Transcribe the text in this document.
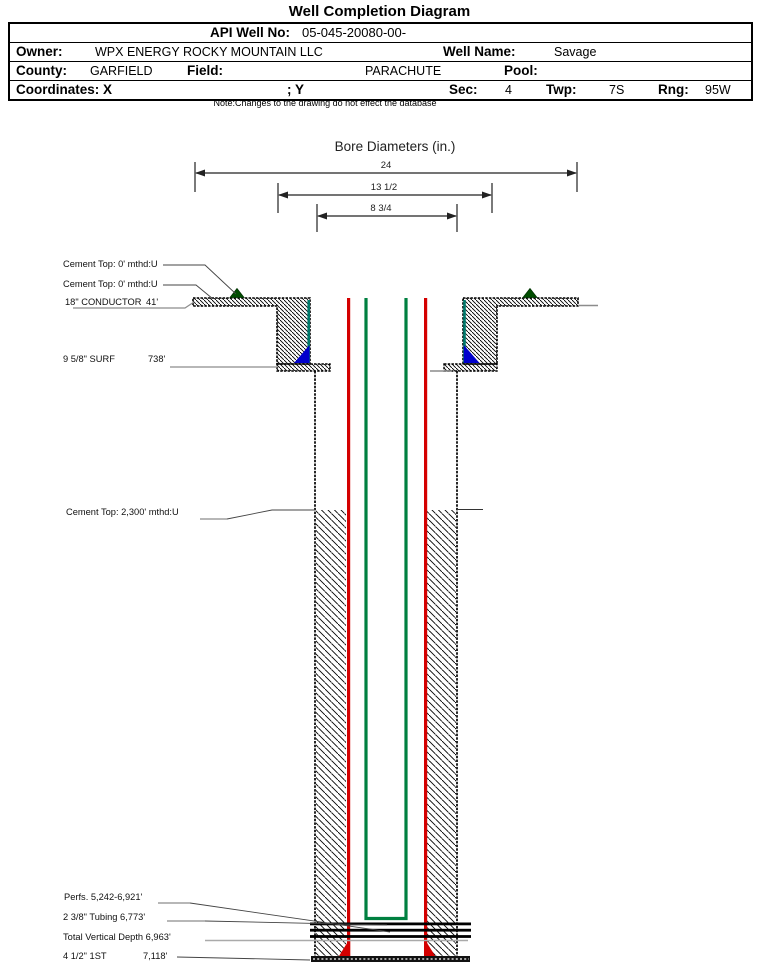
Well Completion Diagram
API Well No: 05-045-20080-00-
Owner:	WPX ENERGY ROCKY MOUNTAIN LLC	Well Name:	Savage
County: GARFIELD	Field:	PARACHUTE	Pool:
Coordinates: X	; Y	Sec: 4	Twp:	7S Rng: 95W
Note:Changes to the drawing do not effect the database
Bore Diameters (in.)
24
13 1/2
8 3/4
Cement Top: 0' mthd:U
Cement Top: 0' mthd:U
18" CONDUCTOR 41'
9 5/8" SURF	738'
Cement Top: 2,300' mthd:U
Perfs. 5,242-6,921'
2 3/8" Tubing 6,773'
Total Vertical Depth 6,963'
4 1/2" 1ST	7,118'
